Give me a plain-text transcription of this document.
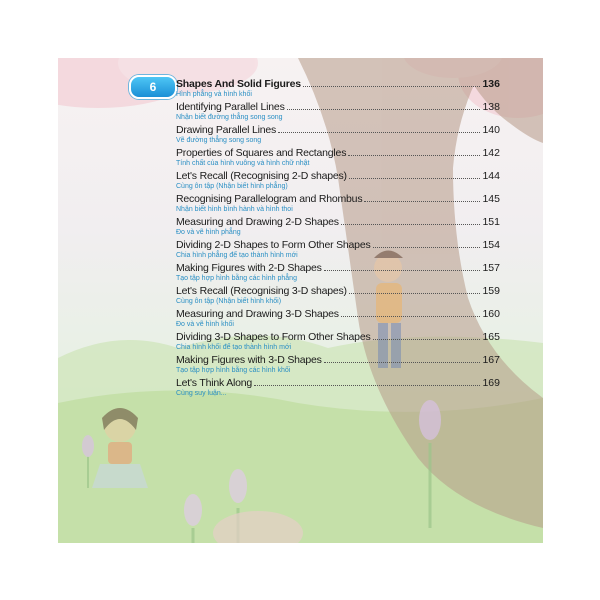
6	Shapes And Solid Figures	136
Hình phẳng và hình khối
Identifying Parallel Lines	138
Nhận biết đường thẳng song song
Drawing Parallel Lines	140
Vẽ đường thẳng song song
Properties of Squares and Rectangles	142
Tính chất của hình vuông và hình chữ nhật
Let's Recall (Recognising 2-D shapes)	144
Cùng ôn tập (Nhận biết hình phẳng)
Recognising Parallelogram and Rhombus	145
Nhận biết hình bình hành và hình thoi
Measuring and Drawing 2-D Shapes	151
Đo và vẽ hình phẳng
Dividing 2-D Shapes to Form Other Shapes	154
Chia hình phẳng để tạo thành hình mới
Making Figures with 2-D Shapes	157
Tạo tập hợp hình bằng các hình phẳng
Let's Recall (Recognising 3-D shapes)	159
Cùng ôn tập (Nhận biết hình khối)
Measuring and Drawing 3-D Shapes	160
Đo và vẽ hình khối
Dividing 3-D Shapes to Form Other Shapes	165
Chia hình khối để tạo thành hình mới
Making Figures with 3-D Shapes	167
Tạo tập hợp hình bằng các hình khối
Let's Think Along	169
Cùng suy luận...
